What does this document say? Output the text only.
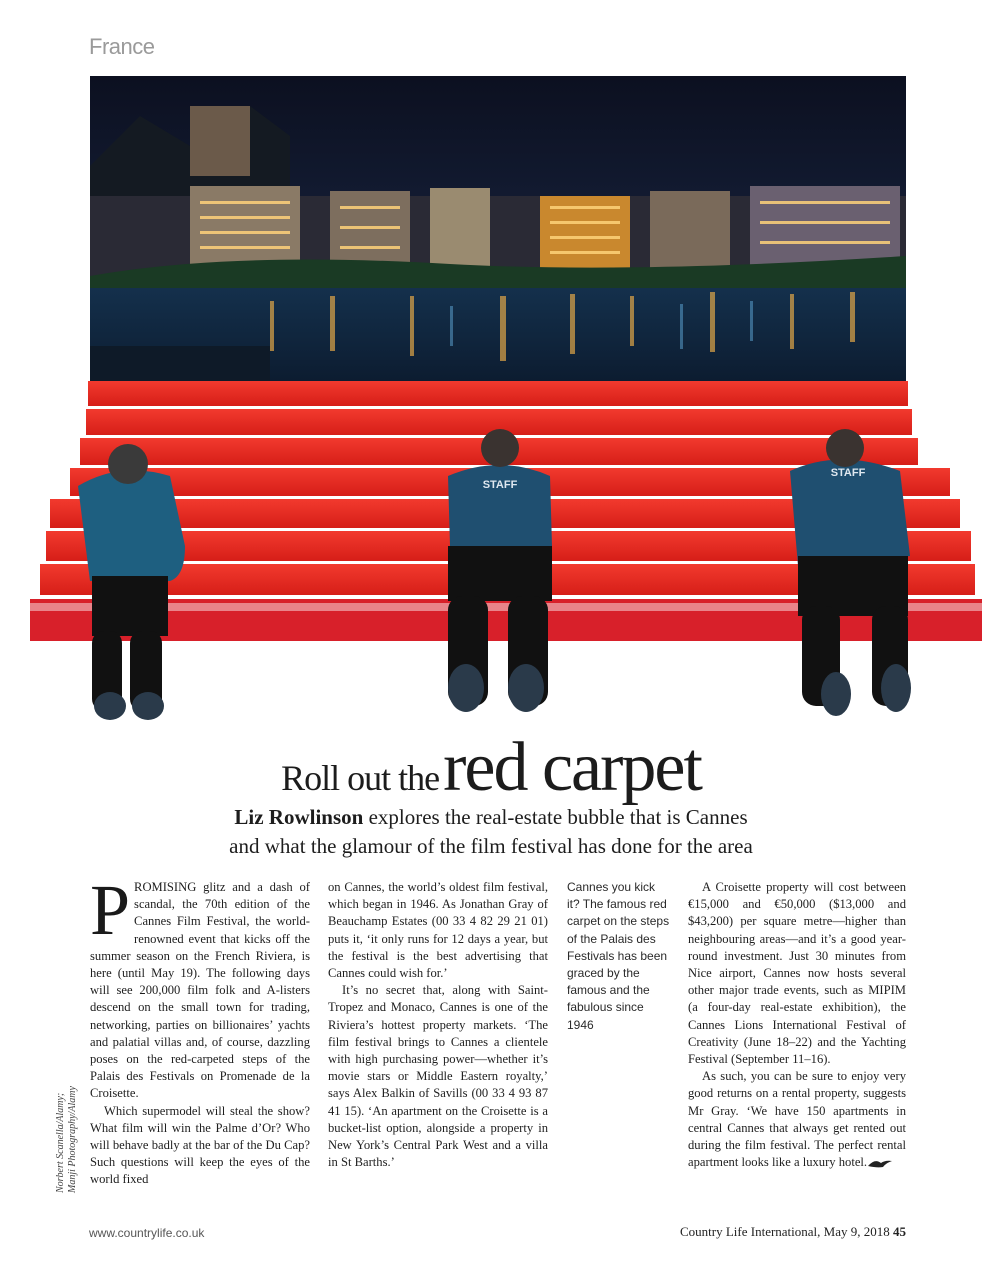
France
STAFF
STAFF
Roll out the red carpet
Liz Rowlinson explores the real-estate bubble that is Cannes
and what the glamour of the film festival has done for the area

PROMISING glitz and a dash of scandal, the 70th edition of the Cannes Film Festival, the world-renowned event that kicks off the summer season on the French Riviera, is here (until May 19). The following days will see 200,000 film folk and A-listers descend on the small town for trading, networking, parties on billionaires’ yachts and palatial villas and, of course, dazzling poses on the red-carpeted steps of the Palais des Festivals on Promenade de la Croisette.

Which supermodel will steal the show? What film will win the Palme d’Or? Who will behave badly at the bar of the Du Cap? Such questions will keep the eyes of the world fixed

on Cannes, the world’s oldest film festival, which began in 1946. As Jonathan Gray of Beauchamp Estates (00 33 4 82 29 21 01) puts it, ‘it only runs for 12 days a year, but the festival is the best advertising that Cannes could wish for.’

It’s no secret that, along with Saint-Tropez and Monaco, Cannes is one of the Riviera’s hottest property markets. ‘The film festival brings to Cannes a clientele with high purchasing power—whether it’s movie stars or Middle Eastern royalty,’ says Alex Balkin of Savills (00 33 4 93 87 41 15). ‘An apartment on the Croisette is a bucket-list option, alongside a property in New York’s Central Park West and a villa in St Barths.’

Cannes you kick it? The famous red carpet on the steps of the Palais des Festivals has been graced by the famous and the fabulous since 1946

A Croisette property will cost between €15,000 and €50,000 ($13,000 and $43,200) per square metre—higher than neighbouring areas—and it’s a good year-round investment. Just 30 minutes from Nice airport, Cannes now hosts several other major trade events, such as MIPIM (a four-day real-estate exhibition), the Cannes Lions International Festival of Creativity (June 18–22) and the Yachting Festival (September 11–16).

As such, you can be sure to enjoy very good returns on a rental property, suggests Mr Gray. ‘We have 150 apartments in central Cannes that always get rented out during the film festival. The perfect rental apartment looks like a luxury hotel.

Norbert Scanella/Alamy; Manji Photography/Alamy
www.countrylife.co.uk	Country Life International, May 9, 2018 45
